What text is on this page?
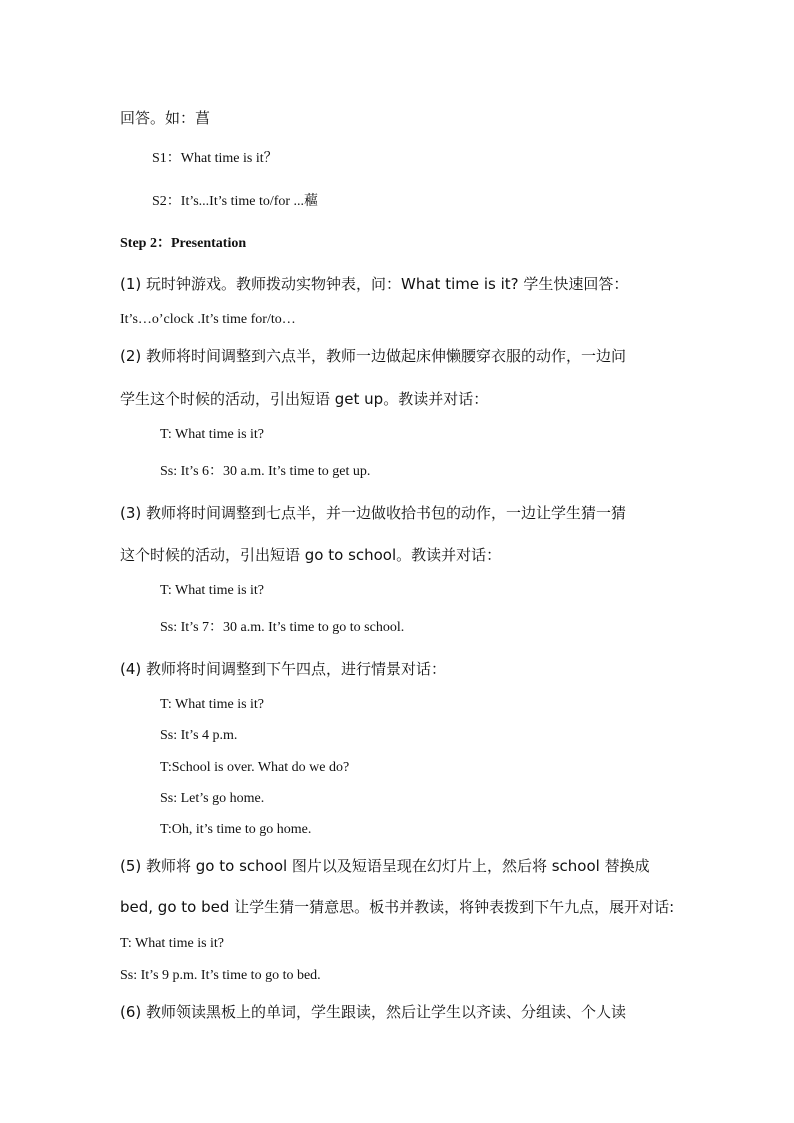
回答。如：菖
S1：What time is it？
S2：It’s...It’s time to/for ...藲
Step 2：Presentation
(1) 玩时钟游戏。教师拨动实物钟表，问：What time is it? 学生快速回答：
It’s…o’clock .It’s time for/to…
(2) 教师将时间调整到六点半，教师一边做起床伸懒腰穿衣服的动作，一边问
学生这个时候的活动，引出短语 get up。教读并对话：
T: What time is it?
Ss: It’s 6：30 a.m. It’s time to get up.
(3) 教师将时间调整到七点半，并一边做收拾书包的动作，一边让学生猜一猜
这个时候的活动，引出短语 go to school。教读并对话：
T: What time is it?
Ss: It’s 7：30 a.m. It’s time to go to school.
(4) 教师将时间调整到下午四点，进行情景对话：
T: What time is it?
Ss: It’s 4 p.m.
T:School is over. What do we do?
Ss: Let’s go home.
T:Oh, it’s time to go home.
(5) 教师将 go to school 图片以及短语呈现在幻灯片上，然后将 school 替换成
bed, go to bed 让学生猜一猜意思。板书并教读，将钟表拨到下午九点，展开对话:
T: What time is it?
Ss: It’s 9 p.m. It’s time to go to bed.
(6) 教师领读黑板上的单词，学生跟读，然后让学生以齐读、分组读、个人读
